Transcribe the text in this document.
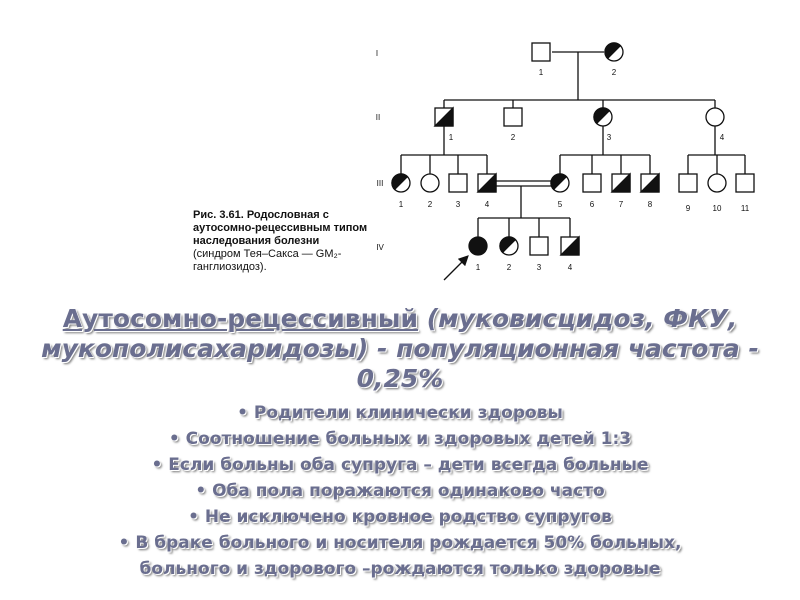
I
II
III
IV
1	2
1	2	3	4
1	2	3	4	5	6	7	8	9	10 11
1	2	3	4
Рис. 3.61. Родословная с аутосомно-рецессивным типом наследования болезни (синдром Тея–Сакса — GM₂-ганглиозидоз).

Аутосомно-рецессивный (муковисцидоз, ФКУ, мукополисахаридозы) - популяционная частота - 0,25%

• Родители клинически здоровы

• Соотношение больных и здоровых детей 1:3

• Если больны оба супруга – дети всегда больные

• Оба пола поражаются одинаково часто

• Не исключено кровное родство супругов

• В браке больного и носителя рождается 50% больных,

больного и здорового –рождаются только здоровые
